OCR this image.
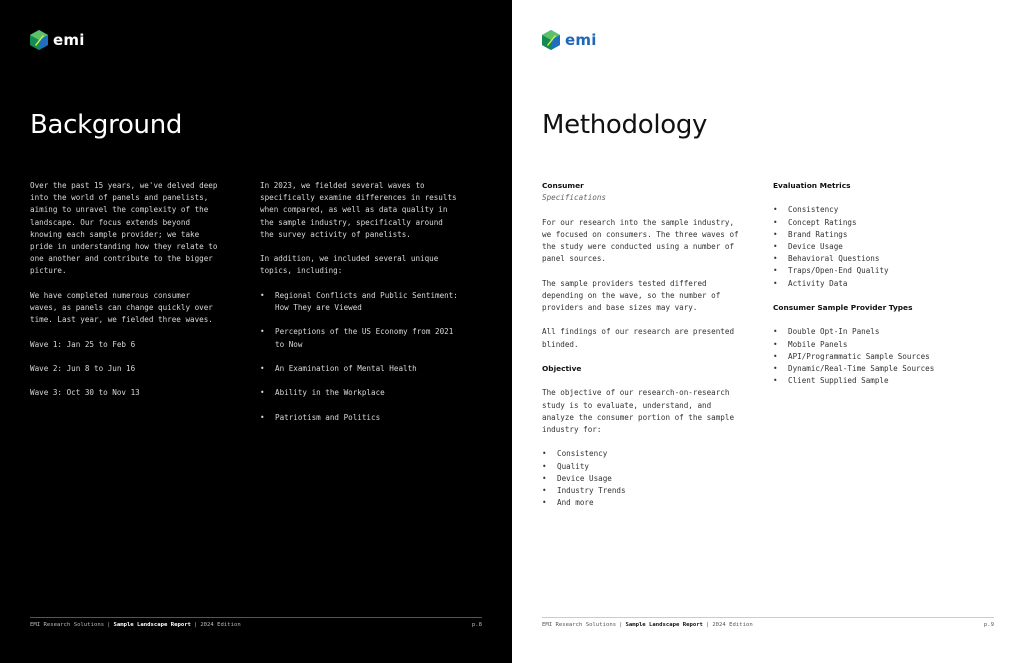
emi
Background

Over the past 15 years, we've delved deep into the world of panels and panelists, aiming to unravel the complexity of the landscape. Our focus extends beyond knowing each sample provider; we take pride in understanding how they relate to one another and contribute to the bigger picture.

We have completed numerous consumer waves, as panels can change quickly over time. Last year, we fielded three waves.

Wave 1: Jan 25 to Feb 6

Wave 2: Jun 8 to Jun 16

Wave 3: Oct 30 to Nov 13

In 2023, we fielded several waves to specifically examine differences in results when compared, as well as data quality in the sample industry, specifically around the survey activity of panelists.

In addition, we included several unique topics, including:

• Regional Conflicts and Public Sentiment: How They are Viewed
• Perceptions of the US Economy from 2021 to Now
• An Examination of Mental Health
• Ability in the Workplace
• Patriotism and Politics
EMI Research Solutions | Sample Landscape Report | 2024 Edition	p.8
emi
Methodology
Consumer
Specifications

For our research into the sample industry, we focused on consumers. The three waves of the study were conducted using a number of panel sources.

The sample providers tested differed depending on the wave, so the number of providers and base sizes may vary.

All findings of our research are presented blinded.

Objective

The objective of our research-on-research study is to evaluate, understand, and analyze the consumer portion of the sample industry for:

• Consistency
• Quality
• Device Usage
• Industry Trends
• And more
Evaluation Metrics
• Consistency
• Concept Ratings
• Brand Ratings
• Device Usage
• Behavioral Questions
• Traps/Open-End Quality
• Activity Data
Consumer Sample Provider Types
• Double Opt-In Panels
• Mobile Panels
• API/Programmatic Sample Sources
• Dynamic/Real-Time Sample Sources
• Client Supplied Sample
EMI Research Solutions | Sample Landscape Report | 2024 Edition	p.9
